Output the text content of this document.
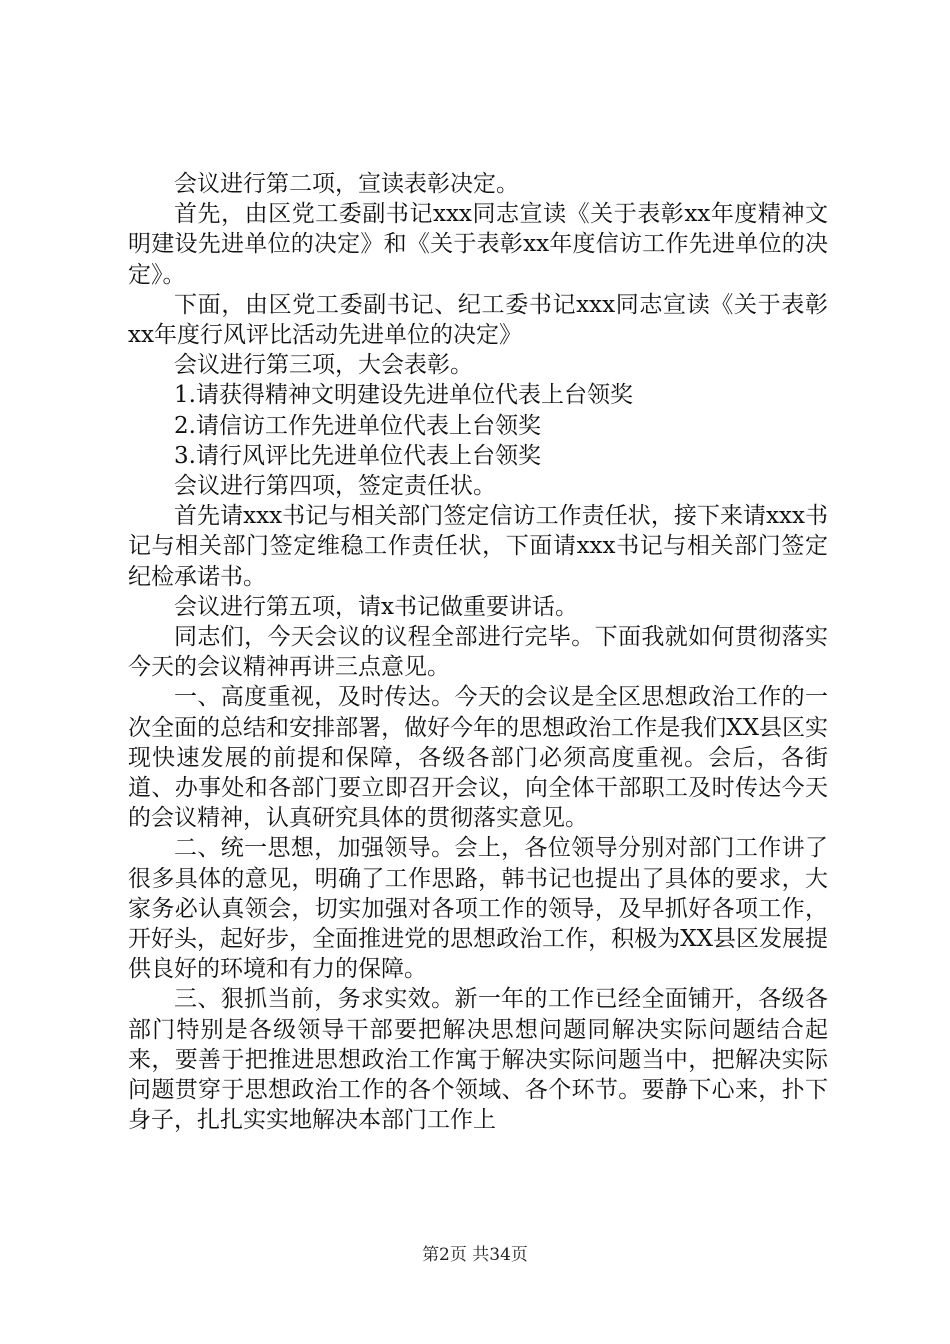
会议进行第二项，宣读表彰决定。

首先，由区党工委副书记xxx同志宣读《关于表彰xx年度精神文明建设先进单位的决定》和《关于表彰xx年度信访工作先进单位的决定》。

下面，由区党工委副书记、纪工委书记xxx同志宣读《关于表彰xx年度行风评比活动先进单位的决定》

会议进行第三项，大会表彰。

1.请获得精神文明建设先进单位代表上台领奖

2.请信访工作先进单位代表上台领奖

3.请行风评比先进单位代表上台领奖

会议进行第四项，签定责任状。

首先请xxx书记与相关部门签定信访工作责任状，接下来请xxx书记与相关部门签定维稳工作责任状，下面请xxx书记与相关部门签定纪检承诺书。

会议进行第五项，请x书记做重要讲话。

同志们，今天会议的议程全部进行完毕。下面我就如何贯彻落实今天的会议精神再讲三点意见。

一、高度重视，及时传达。今天的会议是全区思想政治工作的一次全面的总结和安排部署，做好今年的思想政治工作是我们XX县区实现快速发展的前提和保障，各级各部门必须高度重视。会后，各街道、办事处和各部门要立即召开会议，向全体干部职工及时传达今天的会议精神，认真研究具体的贯彻落实意见。

二、统一思想，加强领导。会上，各位领导分别对部门工作讲了很多具体的意见，明确了工作思路，韩书记也提出了具体的要求，大家务必认真领会，切实加强对各项工作的领导，及早抓好各项工作，开好头，起好步，全面推进党的思想政治工作，积极为XX县区发展提供良好的环境和有力的保障。

三、狠抓当前，务求实效。新一年的工作已经全面铺开，各级各部门特别是各级领导干部要把解决思想问题同解决实际问题结合起来，要善于把推进思想政治工作寓于解决实际问题当中，把解决实际问题贯穿于思想政治工作的各个领域、各个环节。要静下心来，扑下身子，扎扎实实地解决本部门工作上

第2页 共34页
